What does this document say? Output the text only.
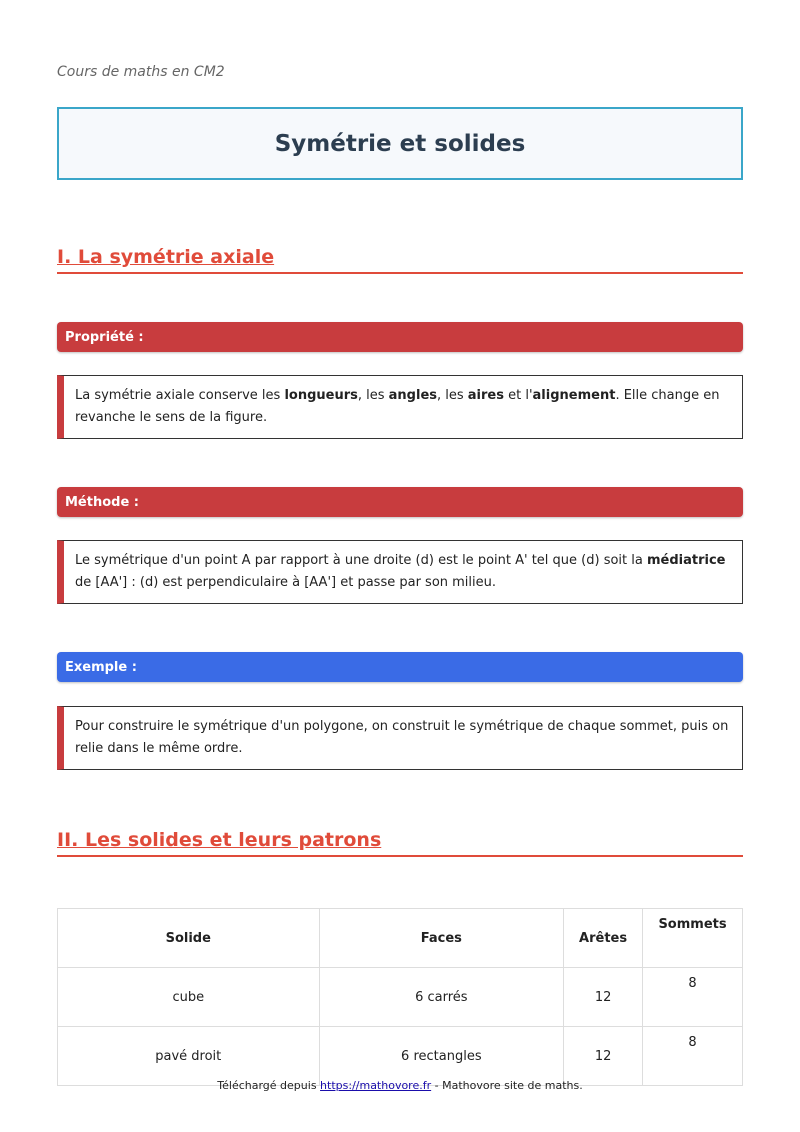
Cours de maths en CM2
Symétrie et solides
I. La symétrie axiale
Propriété :
La symétrie axiale conserve les longueurs, les angles, les aires et l'alignement. Elle change en revanche le sens de la figure.
Méthode :
Le symétrique d'un point A par rapport à une droite (d) est le point A' tel que (d) soit la médiatrice de [AA'] : (d) est perpendiculaire à [AA'] et passe par son milieu.
Exemple :
Pour construire le symétrique d'un polygone, on construit le symétrique de chaque sommet, puis on relie dans le même ordre.
II. Les solides et leurs patrons
Solide	Faces	Arêtes	Sommets
cube	6 carrés	12	8
pavé droit	6 rectangles	12	8
Téléchargé depuis https://mathovore.fr - Mathovore site de maths.
